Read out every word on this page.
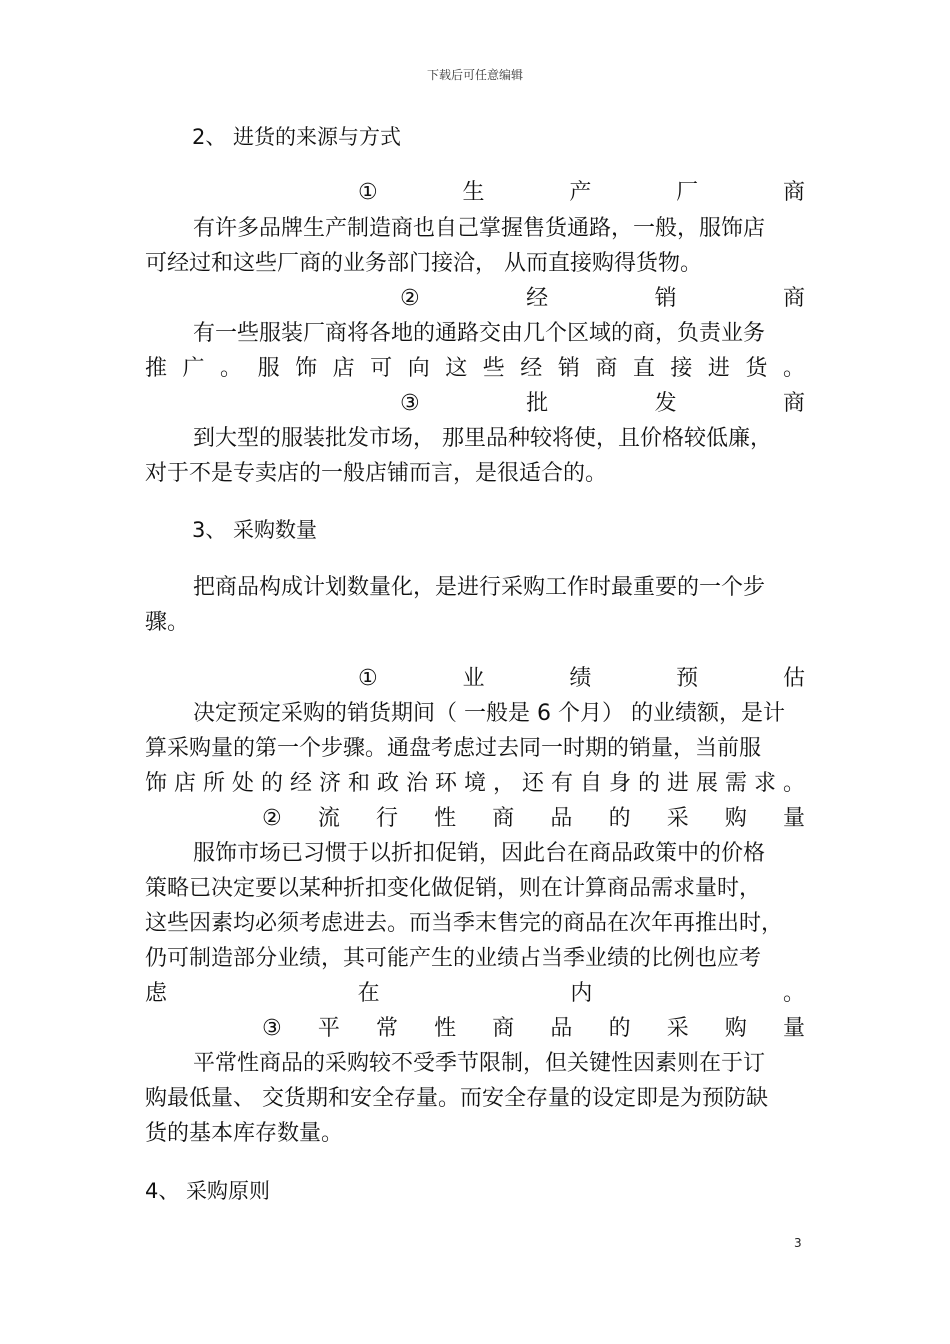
下载后可任意编辑
2、 进货的来源与方式
①	生	产	厂	商
有许多品牌生产制造商也自己掌握售货通路，一般，服饰店
可经过和这些厂商的业务部门接洽， 从而直接购得货物。
②	经	销	商
有一些服装厂商将各地的通路交由几个区域的商，负责业务
推广。服饰店可向这些经销商直接进货。
③	批	发	商
到大型的服装批发市场， 那里品种较将使，且价格较低廉，
对于不是专卖店的一般店铺而言，是很适合的。
3、 采购数量
把商品构成计划数量化，是进行采购工作时最重要的一个步
骤。
①	业	绩	预	估
决定预定采购的销货期间（ 一般是 6 个月） 的业绩额，是计
算采购量的第一个步骤。通盘考虑过去同一时期的销量，当前服
饰店所处的经济和政治环境，还有自身的进展需求。
② 流 行 性 商 品 的 采 购 量
服饰市场已习惯于以折扣促销，因此台在商品政策中的价格
策略已决定要以某种折扣变化做促销，则在计算商品需求量时，
这些因素均必须考虑进去。而当季末售完的商品在次年再推出时，
仍可制造部分业绩，其可能产生的业绩占当季业绩的比例也应考
虑	在	内	。
③ 平 常 性 商 品 的 采 购 量
平常性商品的采购较不受季节限制，但关键性因素则在于订
购最低量、 交货期和安全存量。而安全存量的设定即是为预防缺
货的基本库存数量。
4、 采购原则
3
